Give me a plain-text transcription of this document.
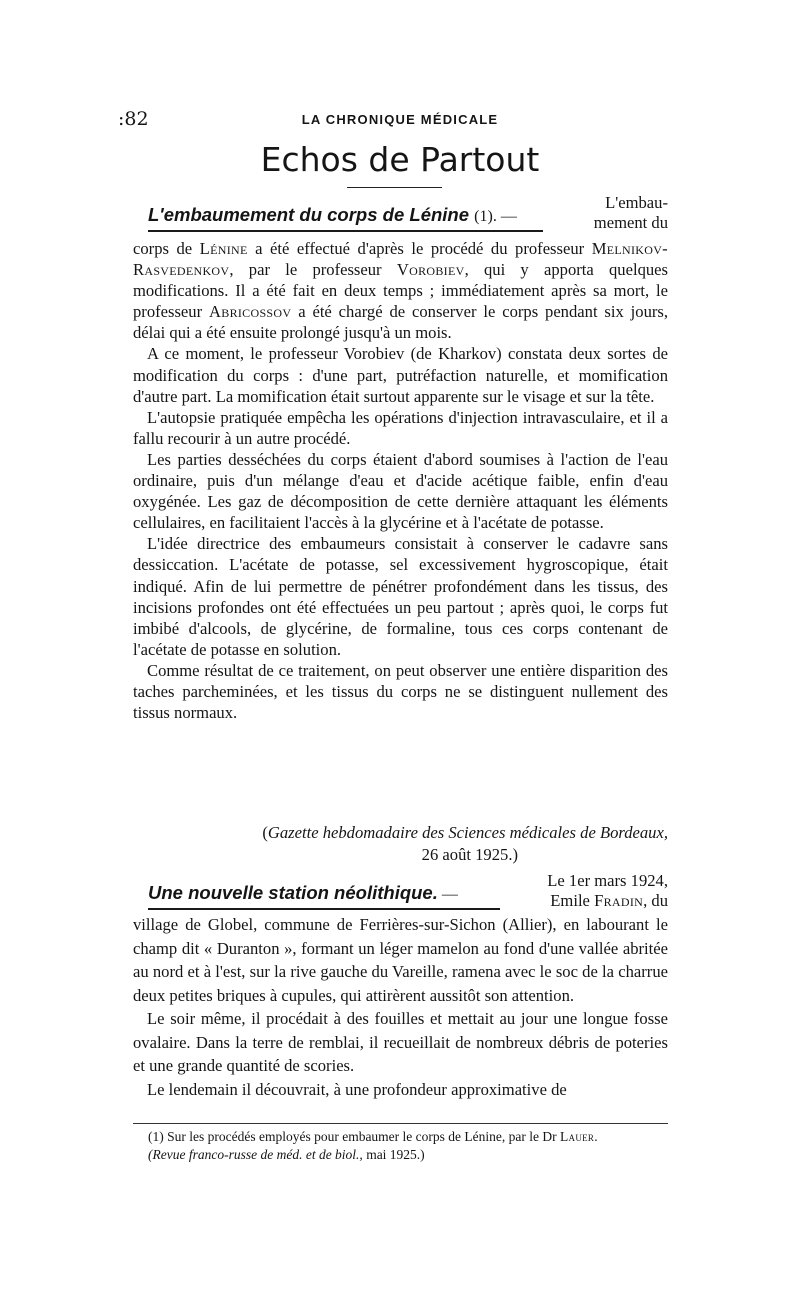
:82	LA CHRONIQUE MÉDICALE
Echos de Partout
L'embaumement du corps de Lénine (1). —
L'embau-
mement du

corps de Lénine a été effectué d'après le procédé du professeur Melnikov-Rasvedenkov, par le professeur Vorobiev, qui y apporta quelques modifications. Il a été fait en deux temps ; immédiatement après sa mort, le professeur Abricossov a été chargé de conserver le corps pendant six jours, délai qui a été ensuite prolongé jusqu'à un mois.

A ce moment, le professeur Vorobiev (de Kharkov) constata deux sortes de modification du corps : d'une part, putréfaction naturelle, et momification d'autre part. La momification était surtout apparente sur le visage et sur la tête.

L'autopsie pratiquée empêcha les opérations d'injection intravasculaire, et il a fallu recourir à un autre procédé.

Les parties desséchées du corps étaient d'abord soumises à l'action de l'eau ordinaire, puis d'un mélange d'eau et d'acide acétique faible, enfin d'eau oxygénée. Les gaz de décomposition de cette dernière attaquant les éléments cellulaires, en facilitaient l'accès à la glycérine et à l'acétate de potasse.

L'idée directrice des embaumeurs consistait à conserver le cadavre sans dessiccation. L'acétate de potasse, sel excessivement hygroscopique, était indiqué. Afin de lui permettre de pénétrer profondément dans les tissus, des incisions profondes ont été effectuées un peu partout ; après quoi, le corps fut imbibé d'alcools, de glycérine, de formaline, tous ces corps contenant de l'acétate de potasse en solution.

Comme résultat de ce traitement, on peut observer une entière disparition des taches parcheminées, et les tissus du corps ne se distinguent nullement des tissus normaux.

(Gazette hebdomadaire des Sciences médicales de Bordeaux,
26 août 1925.)
Une nouvelle station néolithique. —
Le 1er mars 1924,
Emile Fradin, du

village de Globel, commune de Ferrières-sur-Sichon (Allier), en labourant le champ dit « Duranton », formant un léger mamelon au fond d'une vallée abritée au nord et à l'est, sur la rive gauche du Vareille, ramena avec le soc de la charrue deux petites briques à cupules, qui attirèrent aussitôt son attention.

Le soir même, il procédait à des fouilles et mettait au jour une longue fosse ovalaire. Dans la terre de remblai, il recueillait de nombreux débris de poteries et une grande quantité de scories.

Le lendemain il découvrait, à une profondeur approximative de

(1) Sur les procédés employés pour embaumer le corps de Lénine, par le Dr Lauer.
(Revue franco-russe de méd. et de biol., mai 1925.)
